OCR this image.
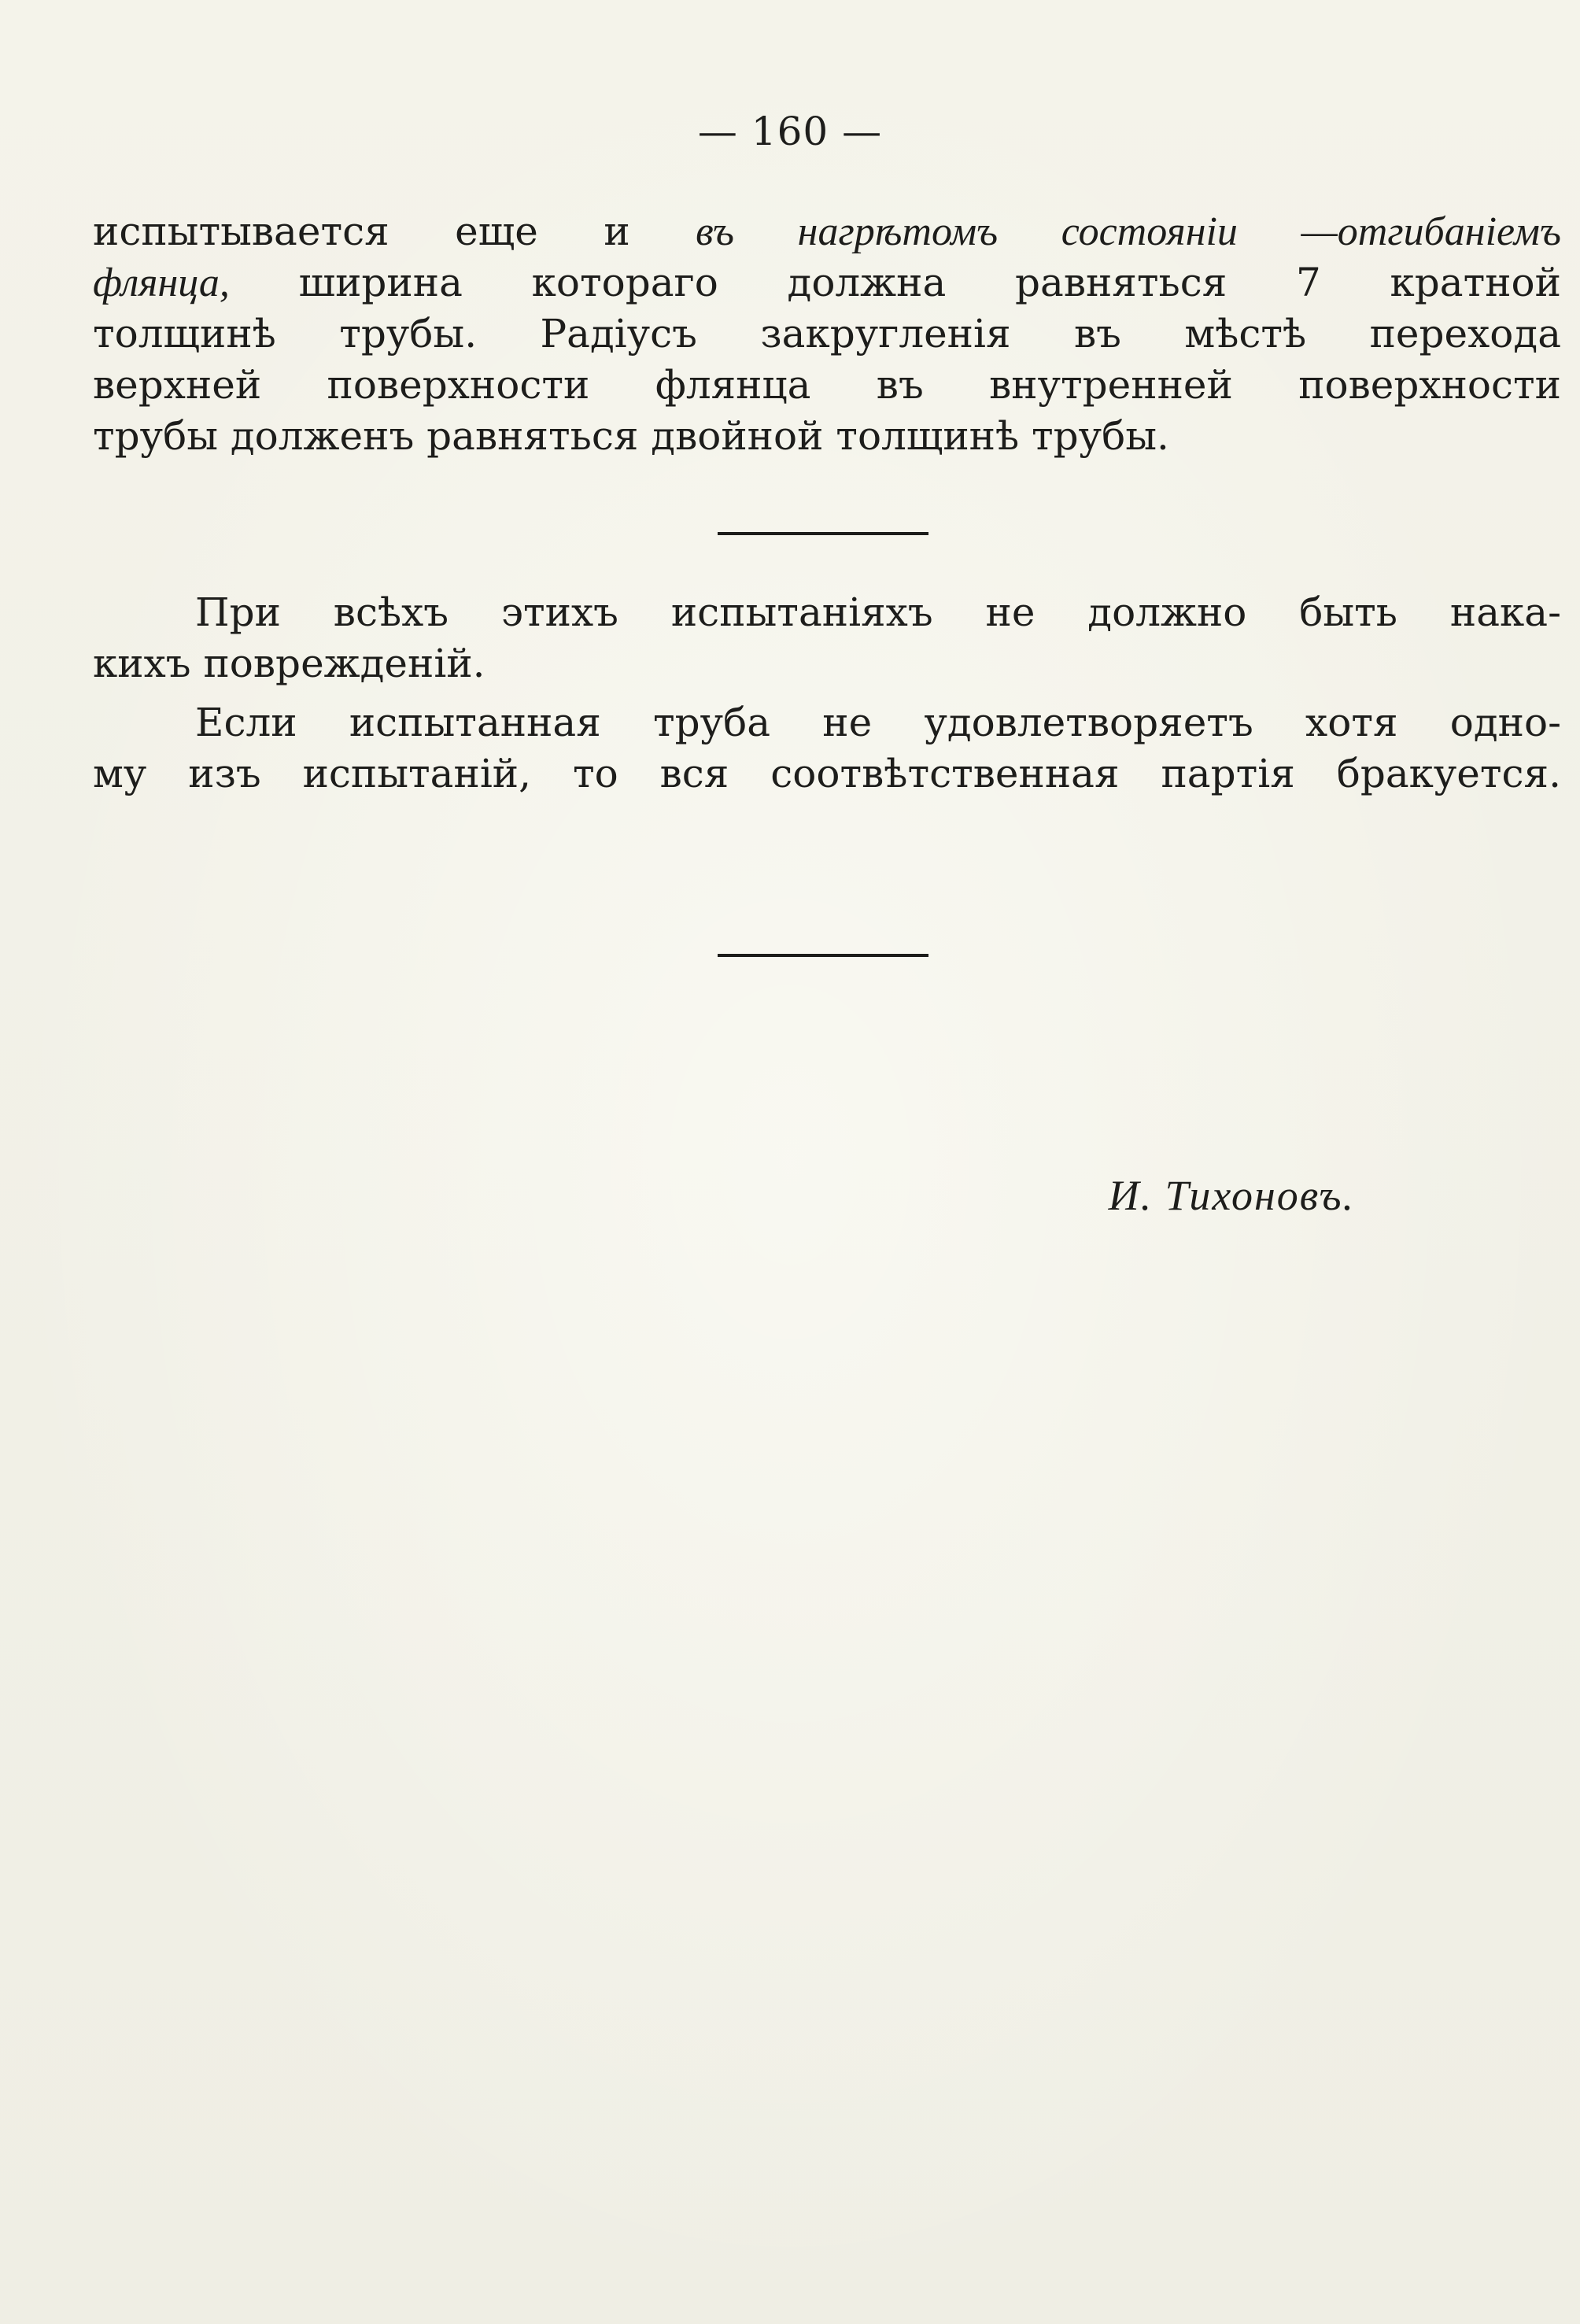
— 160 —
испытывается еще и въ нагрѣтомъ состояніи —отгибаніемъ
флянца, ширина котораго должна равняться 7 кратной
толщинѣ трубы. Радіусъ закругленія въ мѣстѣ перехода
верхней поверхности флянца въ внутренней поверхности
трубы долженъ равняться двойной толщинѣ трубы.
При всѣхъ этихъ испытаніяхъ не должно быть нака-
кихъ поврежденій.
Если испытанная труба не удовлетворяетъ хотя одно-
му изъ испытаній, то вся соотвѣтственная партія бракуется.
И. Тихоновъ.
